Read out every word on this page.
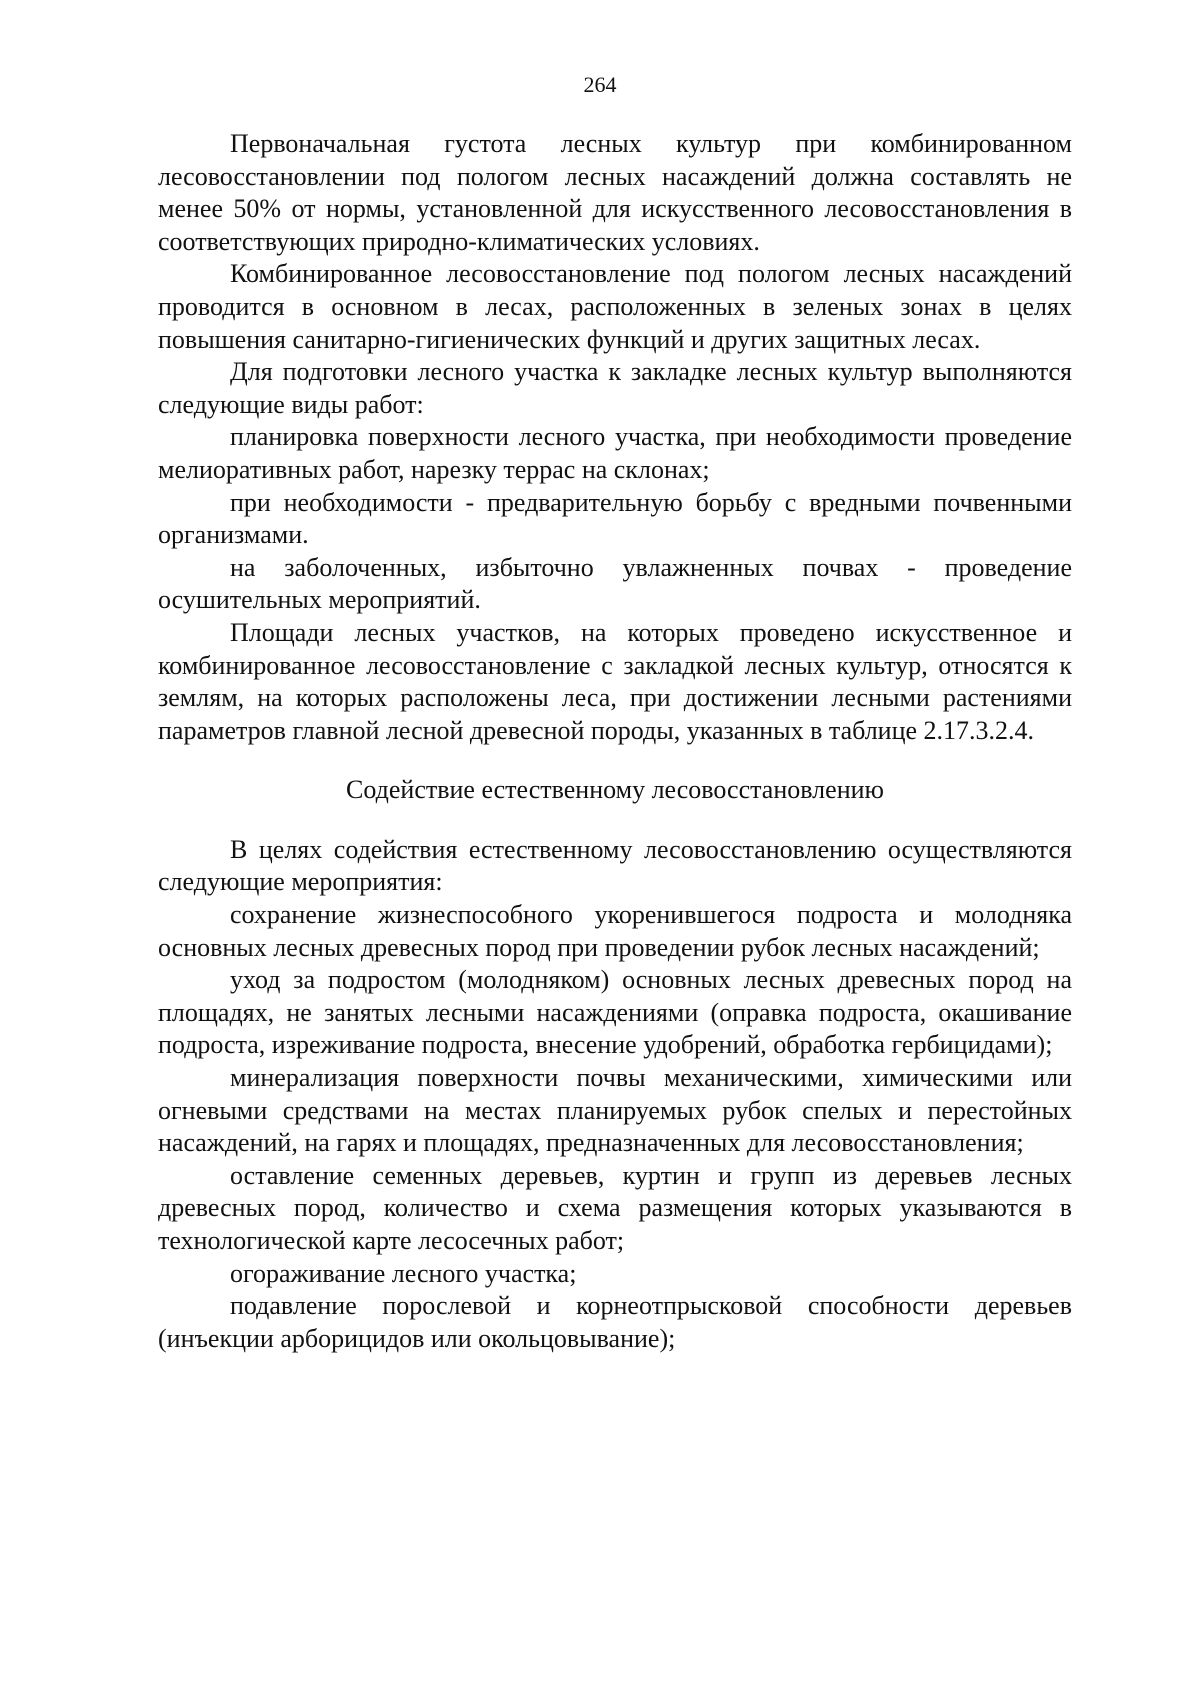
264

Первоначальная густота лесных культур при комбинированном лесовосстановлении под пологом лесных насаждений должна составлять не менее 50% от нормы, установленной для искусственного лесовосстановления в соответствующих природно-климатических условиях.

Комбинированное лесовосстановление под пологом лесных насаждений проводится в основном в лесах, расположенных в зеленых зонах в целях повышения санитарно-гигиенических функций и других защитных лесах.

Для подготовки лесного участка к закладке лесных культур выполняются следующие виды работ:

планировка поверхности лесного участка, при необходимости проведение мелиоративных работ, нарезку террас на склонах;

при необходимости - предварительную борьбу с вредными почвенными организмами.

на заболоченных, избыточно увлажненных почвах - проведение осушительных мероприятий.

Площади лесных участков, на которых проведено искусственное и комбинированное лесовосстановление с закладкой лесных культур, относятся к землям, на которых расположены леса, при достижении лесными растениями параметров главной лесной древесной породы, указанных в таблице 2.17.3.2.4.

Содействие естественному лесовосстановлению

В целях содействия естественному лесовосстановлению осуществляются следующие мероприятия:

сохранение жизнеспособного укоренившегося подроста и молодняка основных лесных древесных пород при проведении рубок лесных насаждений;

уход за подростом (молодняком) основных лесных древесных пород на площадях, не занятых лесными насаждениями (оправка подроста, окашивание подроста, изреживание подроста, внесение удобрений, обработка гербицидами);

минерализация поверхности почвы механическими, химическими или огневыми средствами на местах планируемых рубок спелых и перестойных насаждений, на гарях и площадях, предназначенных для лесовосстановления;

оставление семенных деревьев, куртин и групп из деревьев лесных древесных пород, количество и схема размещения которых указываются в технологической карте лесосечных работ;

огораживание лесного участка;

подавление порослевой и корнеотпрысковой способности деревьев (инъекции арборицидов или окольцовывание);
